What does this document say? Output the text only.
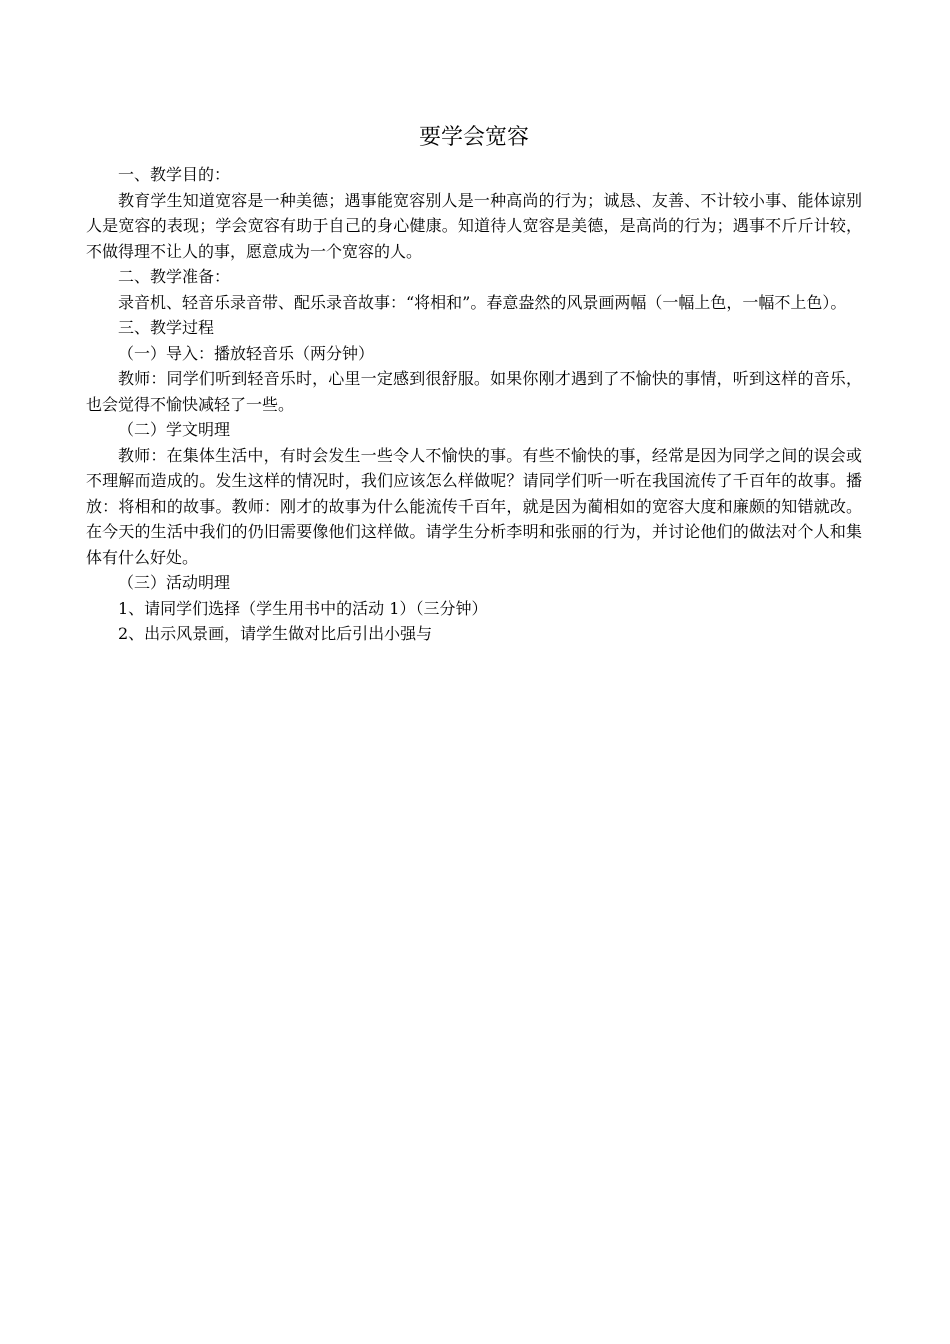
要学会宽容

一、教学目的：

教育学生知道宽容是一种美德；遇事能宽容别人是一种高尚的行为；诚恳、友善、不计较小事、能体谅别人是宽容的表现；学会宽容有助于自己的身心健康。知道待人宽容是美德，是高尚的行为；遇事不斤斤计较，不做得理不让人的事，愿意成为一个宽容的人。

二、教学准备：

录音机、轻音乐录音带、配乐录音故事：“将相和”。春意盎然的风景画两幅（一幅上色，一幅不上色）。

三、教学过程

（一）导入：播放轻音乐（两分钟）

教师：同学们听到轻音乐时，心里一定感到很舒服。如果你刚才遇到了不愉快的事情，听到这样的音乐，也会觉得不愉快减轻了一些。

（二）学文明理

教师：在集体生活中，有时会发生一些令人不愉快的事。有些不愉快的事，经常是因为同学之间的误会或不理解而造成的。发生这样的情况时，我们应该怎么样做呢？请同学们听一听在我国流传了千百年的故事。播放：将相和的故事。教师：刚才的故事为什么能流传千百年，就是因为蔺相如的宽容大度和廉颇的知错就改。在今天的生活中我们的仍旧需要像他们这样做。请学生分析李明和张丽的行为，并讨论他们的做法对个人和集体有什么好处。

（三）活动明理

1、请同学们选择（学生用书中的活动 1）（三分钟）

2、出示风景画，请学生做对比后引出小强与
